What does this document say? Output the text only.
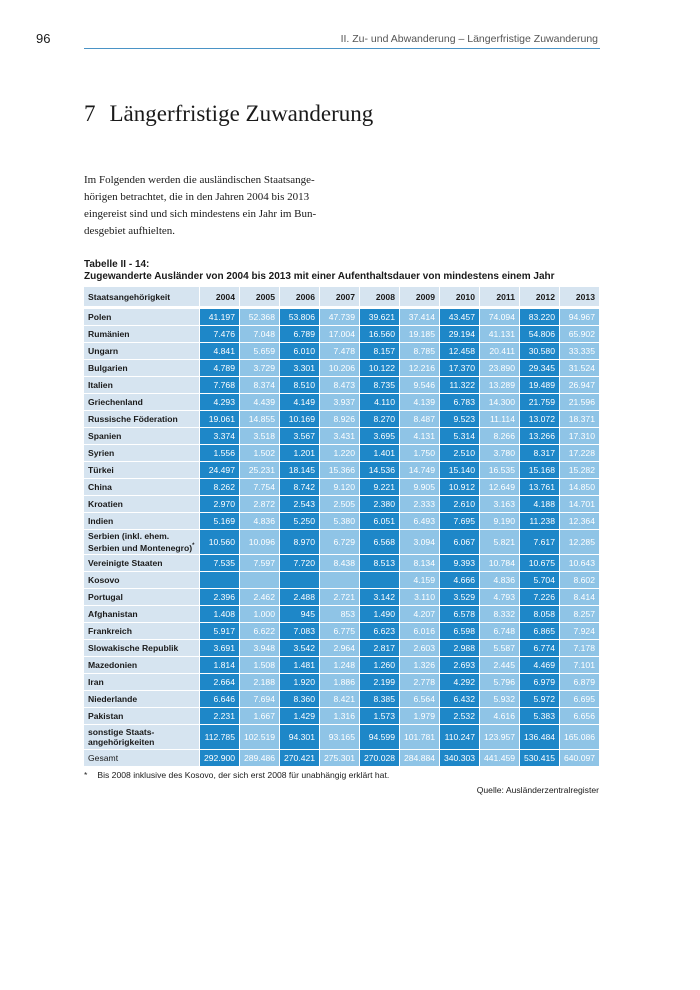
96	II. Zu- und Abwanderung – Längerfristige Zuwanderung
7 Längerfristige Zuwanderung

Im Folgenden werden die ausländischen Staatsange-hörigen betrachtet, die in den Jahren 2004 bis 2013 eingereist sind und sich mindestens ein Jahr im Bun-desgebiet aufhielten.

Tabelle II - 14:
Zugewanderte Ausländer von 2004 bis 2013 mit einer Aufenthaltsdauer von mindestens einem Jahr
Staatsangehörigkeit	2004	2005	2006	2007	2008	2009	2010	2011	2012	2013
Polen	41.197	52.368	53.806	47.739	39.621	37.414	43.457	74.094	83.220	94.967
Rumänien	7.476	7.048	6.789	17.004	16.560	19.185	29.194	41.131	54.806	65.902
Ungarn	4.841	5.659	6.010	7.478	8.157	8.785	12.458	20.411	30.580	33.335
Bulgarien	4.789	3.729	3.301	10.206	10.122	12.216	17.370	23.890	29.345	31.524
Italien	7.768	8.374	8.510	8.473	8.735	9.546	11.322	13.289	19.489	26.947
Griechenland	4.293	4.439	4.149	3.937	4.110	4.139	6.783	14.300	21.759	21.596
Russische Föderation	19.061	14.855	10.169	8.926	8.270	8.487	9.523	11.114	13.072	18.371
Spanien	3.374	3.518	3.567	3.431	3.695	4.131	5.314	8.266	13.266	17.310
Syrien	1.556	1.502	1.201	1.220	1.401	1.750	2.510	3.780	8.317	17.228
Türkei	24.497	25.231	18.145	15.366	14.536	14.749	15.140	16.535	15.168	15.282
China	8.262	7.754	8.742	9.120	9.221	9.905	10.912	12.649	13.761	14.850
Kroatien	2.970	2.872	2.543	2.505	2.380	2.333	2.610	3.163	4.188	14.701
Indien	5.169	4.836	5.250	5.380	6.051	6.493	7.695	9.190	11.238	12.364
Serbien (inkl. ehem. Serbien und Montenegro)*	10.560	10.096	8.970	6.729	6.568	3.094	6.067	5.821	7.617	12.285
Vereinigte Staaten	7.535	7.597	7.720	8.438	8.513	8.134	9.393	10.784	10.675	10.643
Kosovo						4.159	4.666	4.836	5.704	8.602
Portugal	2.396	2.462	2.488	2.721	3.142	3.110	3.529	4.793	7.226	8.414
Afghanistan	1.408	1.000	945	853	1.490	4.207	6.578	8.332	8.058	8.257
Frankreich	5.917	6.622	7.083	6.775	6.623	6.016	6.598	6.748	6.865	7.924
Slowakische Republik	3.691	3.948	3.542	2.964	2.817	2.603	2.988	5.587	6.774	7.178
Mazedonien	1.814	1.508	1.481	1.248	1.260	1.326	2.693	2.445	4.469	7.101
Iran	2.664	2.188	1.920	1.886	2.199	2.778	4.292	5.796	6.979	6.879
Niederlande	6.646	7.694	8.360	8.421	8.385	6.564	6.432	5.932	5.972	6.695
Pakistan	2.231	1.667	1.429	1.316	1.573	1.979	2.532	4.616	5.383	6.656
sonstige Staats-angehörigkeiten	112.785	102.519	94.301	93.165	94.599	101.781	110.247	123.957	136.484	165.086
Gesamt	292.900	289.486	270.421	275.301	270.028	284.884	340.303	441.459	530.415	640.097
* Bis 2008 inklusive des Kosovo, der sich erst 2008 für unabhängig erklärt hat.
Quelle: Ausländerzentralregister
